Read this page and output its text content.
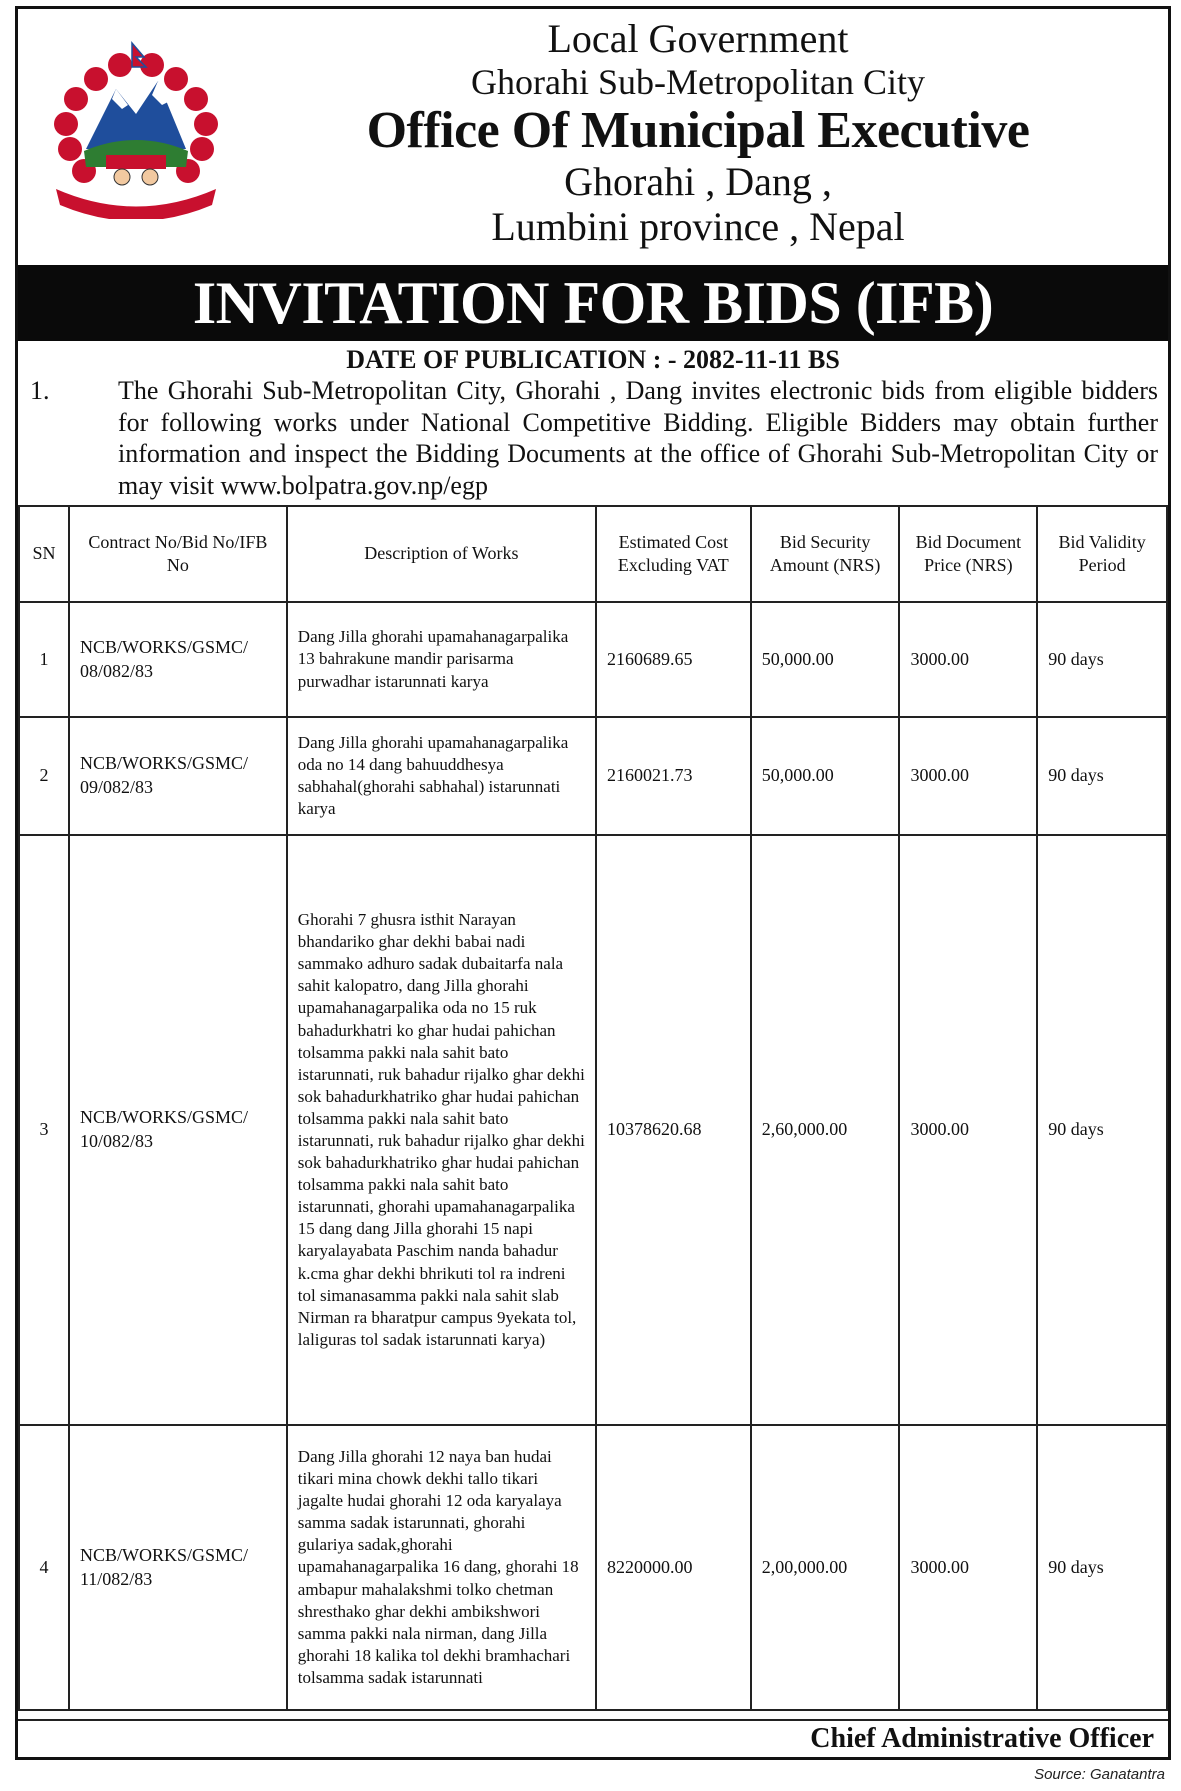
Local Government
Ghorahi Sub-Metropolitan City
Office Of Municipal Executive
Ghorahi , Dang ,
Lumbini province , Nepal
INVITATION FOR BIDS (IFB)
DATE OF PUBLICATION : - 2082-11-11 BS
1.	The Ghorahi Sub-Metropolitan City, Ghorahi , Dang invites electronic bids from eligible bidders for following works under National Competitive Bidding. Eligible Bidders may obtain further information and inspect the Bidding Documents at the office of Ghorahi Sub-Metropolitan City or may visit www.bolpatra.gov.np/egp
SN	Contract No/Bid No/IFB No	Description of Works	Estimated Cost Excluding VAT	Bid Security Amount (NRS)	Bid Document Price (NRS)	Bid Validity Period
1	NCB/WORKS/GSMC/ 08/082/83	Dang Jilla ghorahi upamahanagarpalika 13 bahrakune mandir parisarma purwadhar istarunnati karya	2160689.65	50,000.00	3000.00	90 days
2	NCB/WORKS/GSMC/ 09/082/83	Dang Jilla ghorahi upamahanagarpalika oda no 14 dang bahuuddhesya sabhahal(ghorahi sabhahal) istarunnati karya	2160021.73	50,000.00	3000.00	90 days
3	NCB/WORKS/GSMC/ 10/082/83	Ghorahi 7 ghusra isthit Narayan bhandariko ghar dekhi babai nadi sammako adhuro sadak dubaitarfa nala sahit kalopatro, dang Jilla ghorahi upamahanagarpalika oda no 15 ruk bahadurkhatri ko ghar hudai pahichan tolsamma pakki nala sahit bato istarunnati, ruk bahadur rijalko ghar dekhi sok bahadurkhatriko ghar hudai pahichan tolsamma pakki nala sahit bato istarunnati, ruk bahadur rijalko ghar dekhi sok bahadurkhatriko ghar hudai pahichan tolsamma pakki nala sahit bato istarunnati, ghorahi upamahanagarpalika 15 dang dang Jilla ghorahi 15 napi karyalayabata Paschim nanda bahadur k.cma ghar dekhi bhrikuti tol ra indreni tol simanasamma pakki nala sahit slab Nirman ra bharatpur campus 9yekata tol, laliguras tol sadak istarunnati karya)	10378620.68	2,60,000.00	3000.00	90 days
4	NCB/WORKS/GSMC/ 11/082/83	Dang Jilla ghorahi 12 naya ban hudai tikari mina chowk dekhi tallo tikari jagalte hudai ghorahi 12 oda karyalaya samma sadak istarunnati, ghorahi gulariya sadak,ghorahi upamahanagarpalika 16 dang, ghorahi 18 ambapur mahalakshmi tolko chetman shresthako ghar dekhi ambikshwori samma pakki nala nirman, dang Jilla ghorahi 18 kalika tol dekhi bramhachari tolsamma sadak istarunnati	8220000.00	2,00,000.00	3000.00	90 days
Chief Administrative Officer
Source: Ganatantra
